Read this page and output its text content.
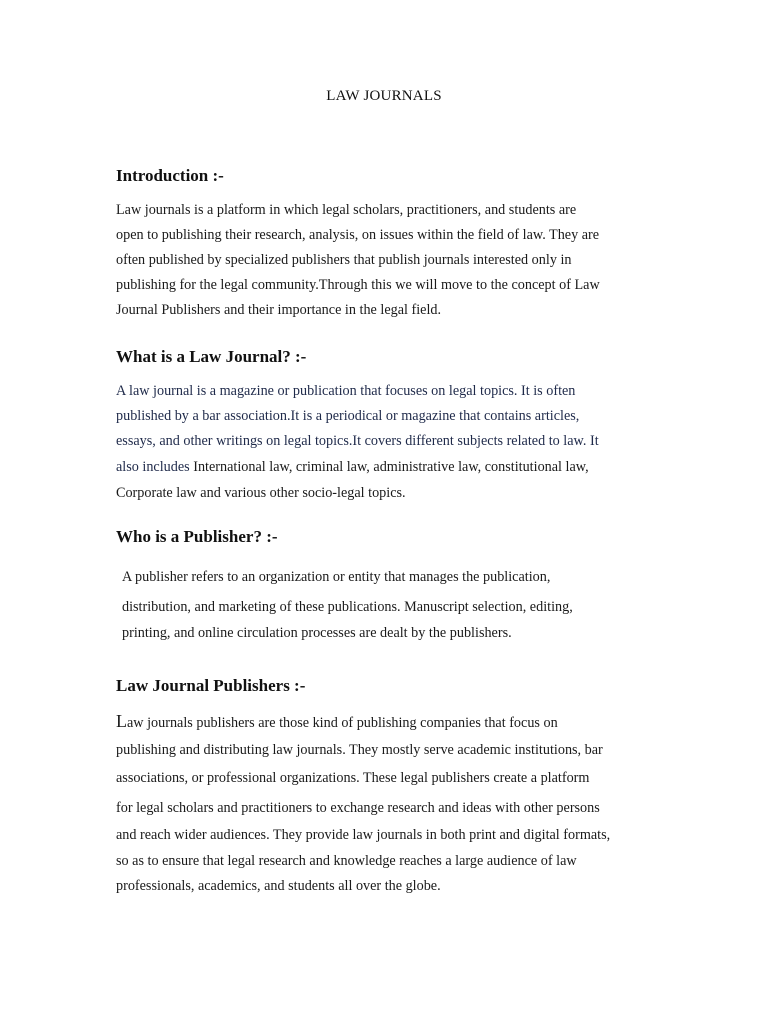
LAW JOURNALS
Introduction :-
Law journals is a platform in which legal scholars, practitioners, and students are
open to publishing their research, analysis, on issues within the field of law. They are
often published by specialized publishers that publish journals interested only in
publishing for the legal community.Through this we will move to the concept of Law
Journal Publishers and their importance in the legal field.
What is a Law Journal? :-
A law journal is a magazine or publication that focuses on legal topics. It is often
published by a bar association.It is a periodical or magazine that contains articles,
essays, and other writings on legal topics.It covers different subjects related to law. It
also includes International law, criminal law, administrative law, constitutional law,
Corporate law and various other socio-legal topics.
Who is a Publisher? :-
A publisher refers to an organization or entity that manages the publication,
distribution, and marketing of these publications. Manuscript selection, editing,
printing, and online circulation processes are dealt by the publishers.
Law Journal Publishers :-
Law journals publishers are those kind of publishing companies that focus on
publishing and distributing law journals. They mostly serve academic institutions, bar
associations, or professional organizations. These legal publishers create a platform
for legal scholars and practitioners to exchange research and ideas with other persons
and reach wider audiences. They provide law journals in both print and digital formats,
so as to ensure that legal research and knowledge reaches a large audience of law
professionals, academics, and students all over the globe.
